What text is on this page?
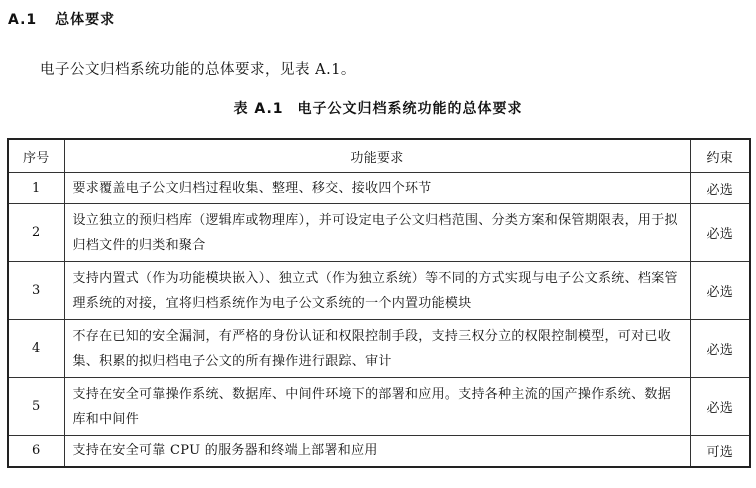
A.1 总体要求
电子公文归档系统功能的总体要求，见表 A.1。
表 A.1 电子公文归档系统功能的总体要求
序号	功能要求	约束
1	要求覆盖电子公文归档过程收集、整理、移交、接收四个环节	必选
2	设立独立的预归档库（逻辑库或物理库），并可设定电子公文归档范围、分类方案和保管期限表，用于拟归档文件的归类和聚合	必选
3	支持内置式（作为功能模块嵌入）、独立式（作为独立系统）等不同的方式实现与电子公文系统、档案管理系统的对接，宜将归档系统作为电子公文系统的一个内置功能模块	必选
4	不存在已知的安全漏洞，有严格的身份认证和权限控制手段，支持三权分立的权限控制模型，可对已收集、积累的拟归档电子公文的所有操作进行跟踪、审计	必选
5	支持在安全可靠操作系统、数据库、中间件环境下的部署和应用。支持各种主流的国产操作系统、数据库和中间件	必选
6	支持在安全可靠 CPU 的服务器和终端上部署和应用	可选
